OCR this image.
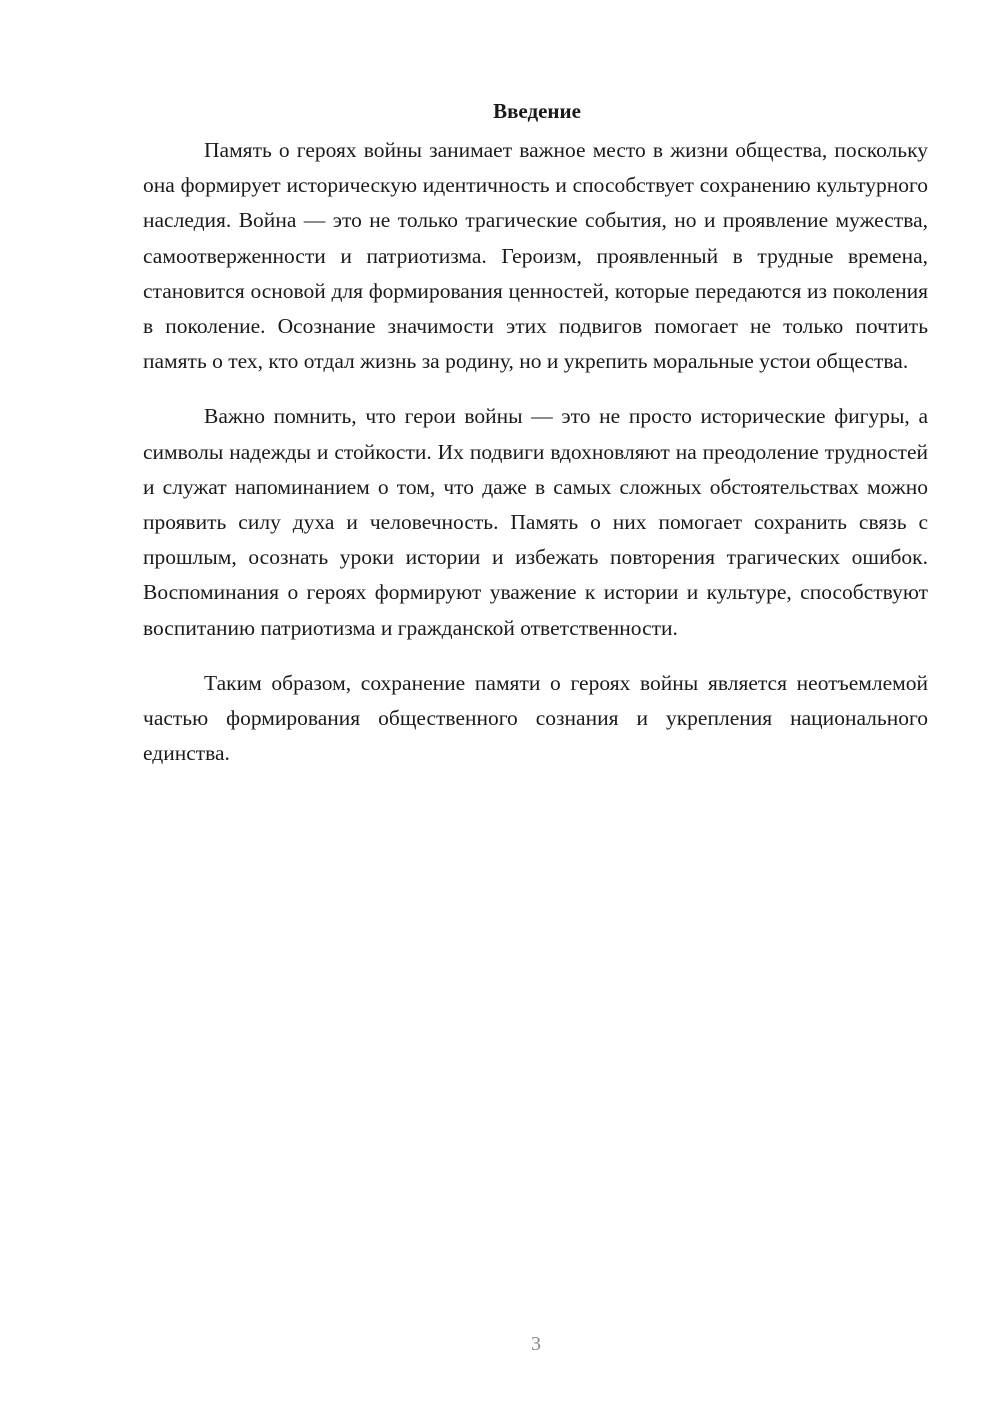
Введение

Память о героях войны занимает важное место в жизни общества, поскольку она формирует историческую идентичность и способствует сохранению культурного наследия. Война — это не только трагические события, но и проявление мужества, самоотверженности и патриотизма. Героизм, проявленный в трудные времена, становится основой для формирования ценностей, которые передаются из поколения в поколение. Осознание значимости этих подвигов помогает не только почтить память о тех, кто отдал жизнь за родину, но и укрепить моральные устои общества.

Важно помнить, что герои войны — это не просто исторические фигуры, а символы надежды и стойкости. Их подвиги вдохновляют на преодоление трудностей и служат напоминанием о том, что даже в самых сложных обстоятельствах можно проявить силу духа и человечность. Память о них помогает сохранить связь с прошлым, осознать уроки истории и избежать повторения трагических ошибок. Воспоминания о героях формируют уважение к истории и культуре, способствуют воспитанию патриотизма и гражданской ответственности.

Таким образом, сохранение памяти о героях войны является неотъемлемой частью формирования общественного сознания и укрепления национального единства.

3
